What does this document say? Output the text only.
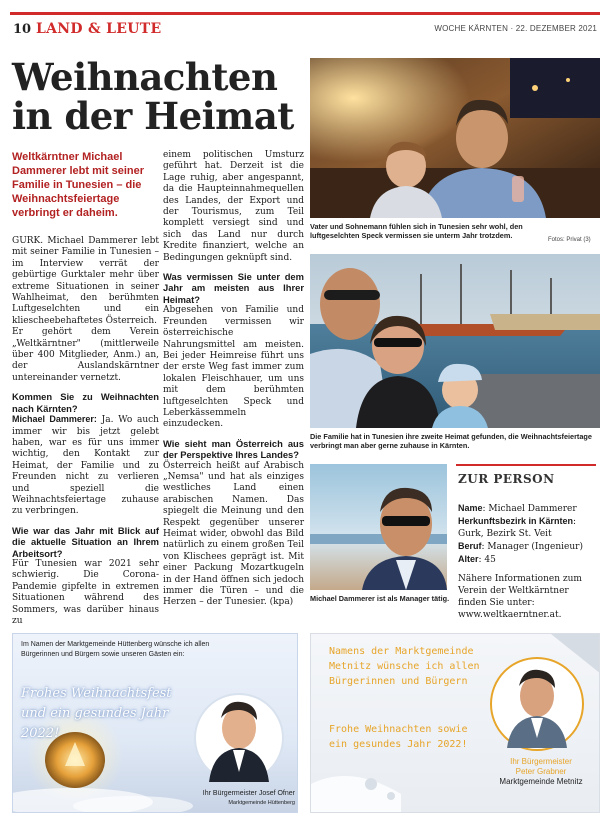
10 LAND & LEUTE	WOCHE KÄRNTEN · 22. DEZEMBER 2021
Weihnachten in der Heimat
Weltkärntner Michael Dammerer lebt mit seiner Familie in Tunesien – die Weihnachtsfeiertage verbringt er daheim.

GURK. Michael Dammerer lebt mit seiner Familie in Tunesien – im Interview verrät der gebürtige Gurktaler mehr über extreme Situationen in seiner Wahlheimat, den berühmten Luftgeselchten und ein kliescheebehaftetes Österreich.

Er gehört dem Verein „Weltkärntner" (mittlerweile über 400 Mitglieder, Anm.) an, der Auslandskärntner untereinander vernetzt.

Kommen Sie zu Weihnachten nach Kärnten?

Michael Dammerer: Ja. Wo auch immer wir bis jetzt gelebt haben, war es für uns immer wichtig, den Kontakt zur Heimat, der Familie und zu Freunden nicht zu verlieren und speziell die Weihnachtsfeiertage zuhause zu verbringen.

Wie war das Jahr mit Blick auf die aktuelle Situation an Ihrem Arbeitsort?

Für Tunesien war 2021 sehr schwierig. Die Corona-Pandemie gipfelte in extremen Situationen während des Sommers, was darüber hinaus zu

einem politischen Umsturz geführt hat. Derzeit ist die Lage ruhig, aber angespannt, da die Haupteinnahmequellen des Landes, der Export und der Tourismus, zum Teil komplett versiegt sind und sich das Land nur durch Kredite finanziert, welche an Bedingungen geknüpft sind.

Was vermissen Sie unter dem Jahr am meisten aus Ihrer Heimat?

Abgesehen von Familie und Freunden vermissen wir österreichische Nahrungsmittel am meisten. Bei jeder Heimreise führt uns der erste Weg fast immer zum lokalen Fleischhauer, um uns mit dem berühmten luftgeselchten Speck und Leberkässemmeln einzudecken.

Wie sieht man Österreich aus der Perspektive Ihres Landes?

Österreich heißt auf Arabisch „Nemsa" und hat als einziges westliches Land einen arabischen Namen. Das spiegelt die Meinung und den Respekt gegenüber unserer Heimat wider, obwohl das Bild natürlich zu einem großen Teil von Klischees geprägt ist. Mit einer Packung Mozartkugeln in der Hand öffnen sich jedoch immer die Türen – und die Herzen – der Tunesier. (kpa)

Vater und Sohnemann fühlen sich in Tunesien sehr wohl, den luftgeselchten Speck vermissen sie unterm Jahr trotzdem.	Fotos: Privat (3)
Die Familie hat in Tunesien ihre zweite Heimat gefunden, die Weihnachtsfeiertage verbringt man aber gerne zuhause in Kärnten.
Michael Dammerer ist als Manager tätig.
ZUR PERSON
Name: Michael Dammerer
Herkunftsbezirk in Kärnten: Gurk, Bezirk St. Veit
Beruf: Manager (Ingenieur)
Alter: 45
Nähere Informationen zum Verein der Weltkärntner finden Sie unter:
www.weltkaerntner.at.
Im Namen der Marktgemeinde Hüttenberg wünsche ich allen Bürgerinnen und Bürgern sowie unseren Gästen ein:
Frohes Weihnachtsfest
und ein gesundes Jahr 2022!
Ihr Bürgermeister Josef Ofner
Marktgemeinde Hüttenberg
Namens der Marktgemeinde Metnitz wünsche ich allen Bürgerinnen und Bürgern
Frohe Weihnachten sowie ein gesundes Jahr 2022!
Ihr Bürgermeister
Peter Grabner
Marktgemeinde Metnitz
